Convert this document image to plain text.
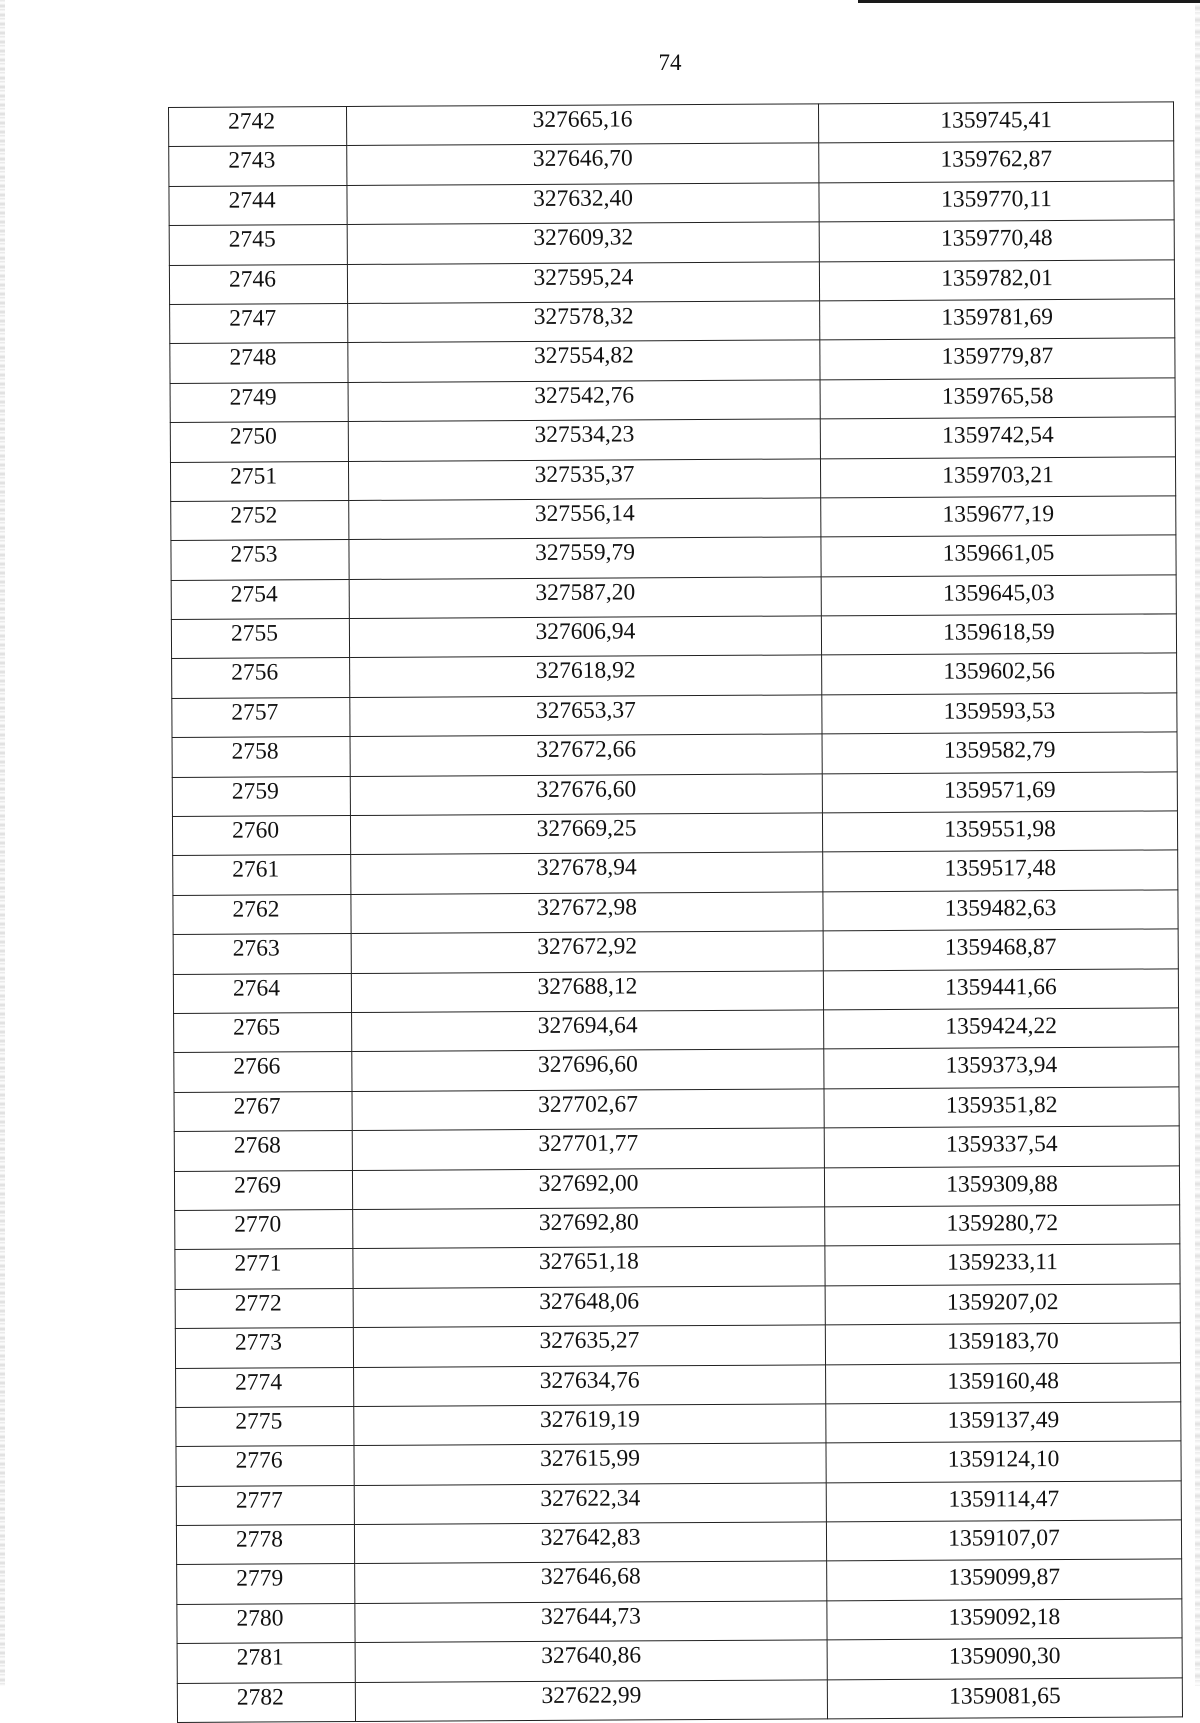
74
2742	327665,16	1359745,41
2743	327646,70	1359762,87
2744	327632,40	1359770,11
2745	327609,32	1359770,48
2746	327595,24	1359782,01
2747	327578,32	1359781,69
2748	327554,82	1359779,87
2749	327542,76	1359765,58
2750	327534,23	1359742,54
2751	327535,37	1359703,21
2752	327556,14	1359677,19
2753	327559,79	1359661,05
2754	327587,20	1359645,03
2755	327606,94	1359618,59
2756	327618,92	1359602,56
2757	327653,37	1359593,53
2758	327672,66	1359582,79
2759	327676,60	1359571,69
2760	327669,25	1359551,98
2761	327678,94	1359517,48
2762	327672,98	1359482,63
2763	327672,92	1359468,87
2764	327688,12	1359441,66
2765	327694,64	1359424,22
2766	327696,60	1359373,94
2767	327702,67	1359351,82
2768	327701,77	1359337,54
2769	327692,00	1359309,88
2770	327692,80	1359280,72
2771	327651,18	1359233,11
2772	327648,06	1359207,02
2773	327635,27	1359183,70
2774	327634,76	1359160,48
2775	327619,19	1359137,49
2776	327615,99	1359124,10
2777	327622,34	1359114,47
2778	327642,83	1359107,07
2779	327646,68	1359099,87
2780	327644,73	1359092,18
2781	327640,86	1359090,30
2782	327622,99	1359081,65
